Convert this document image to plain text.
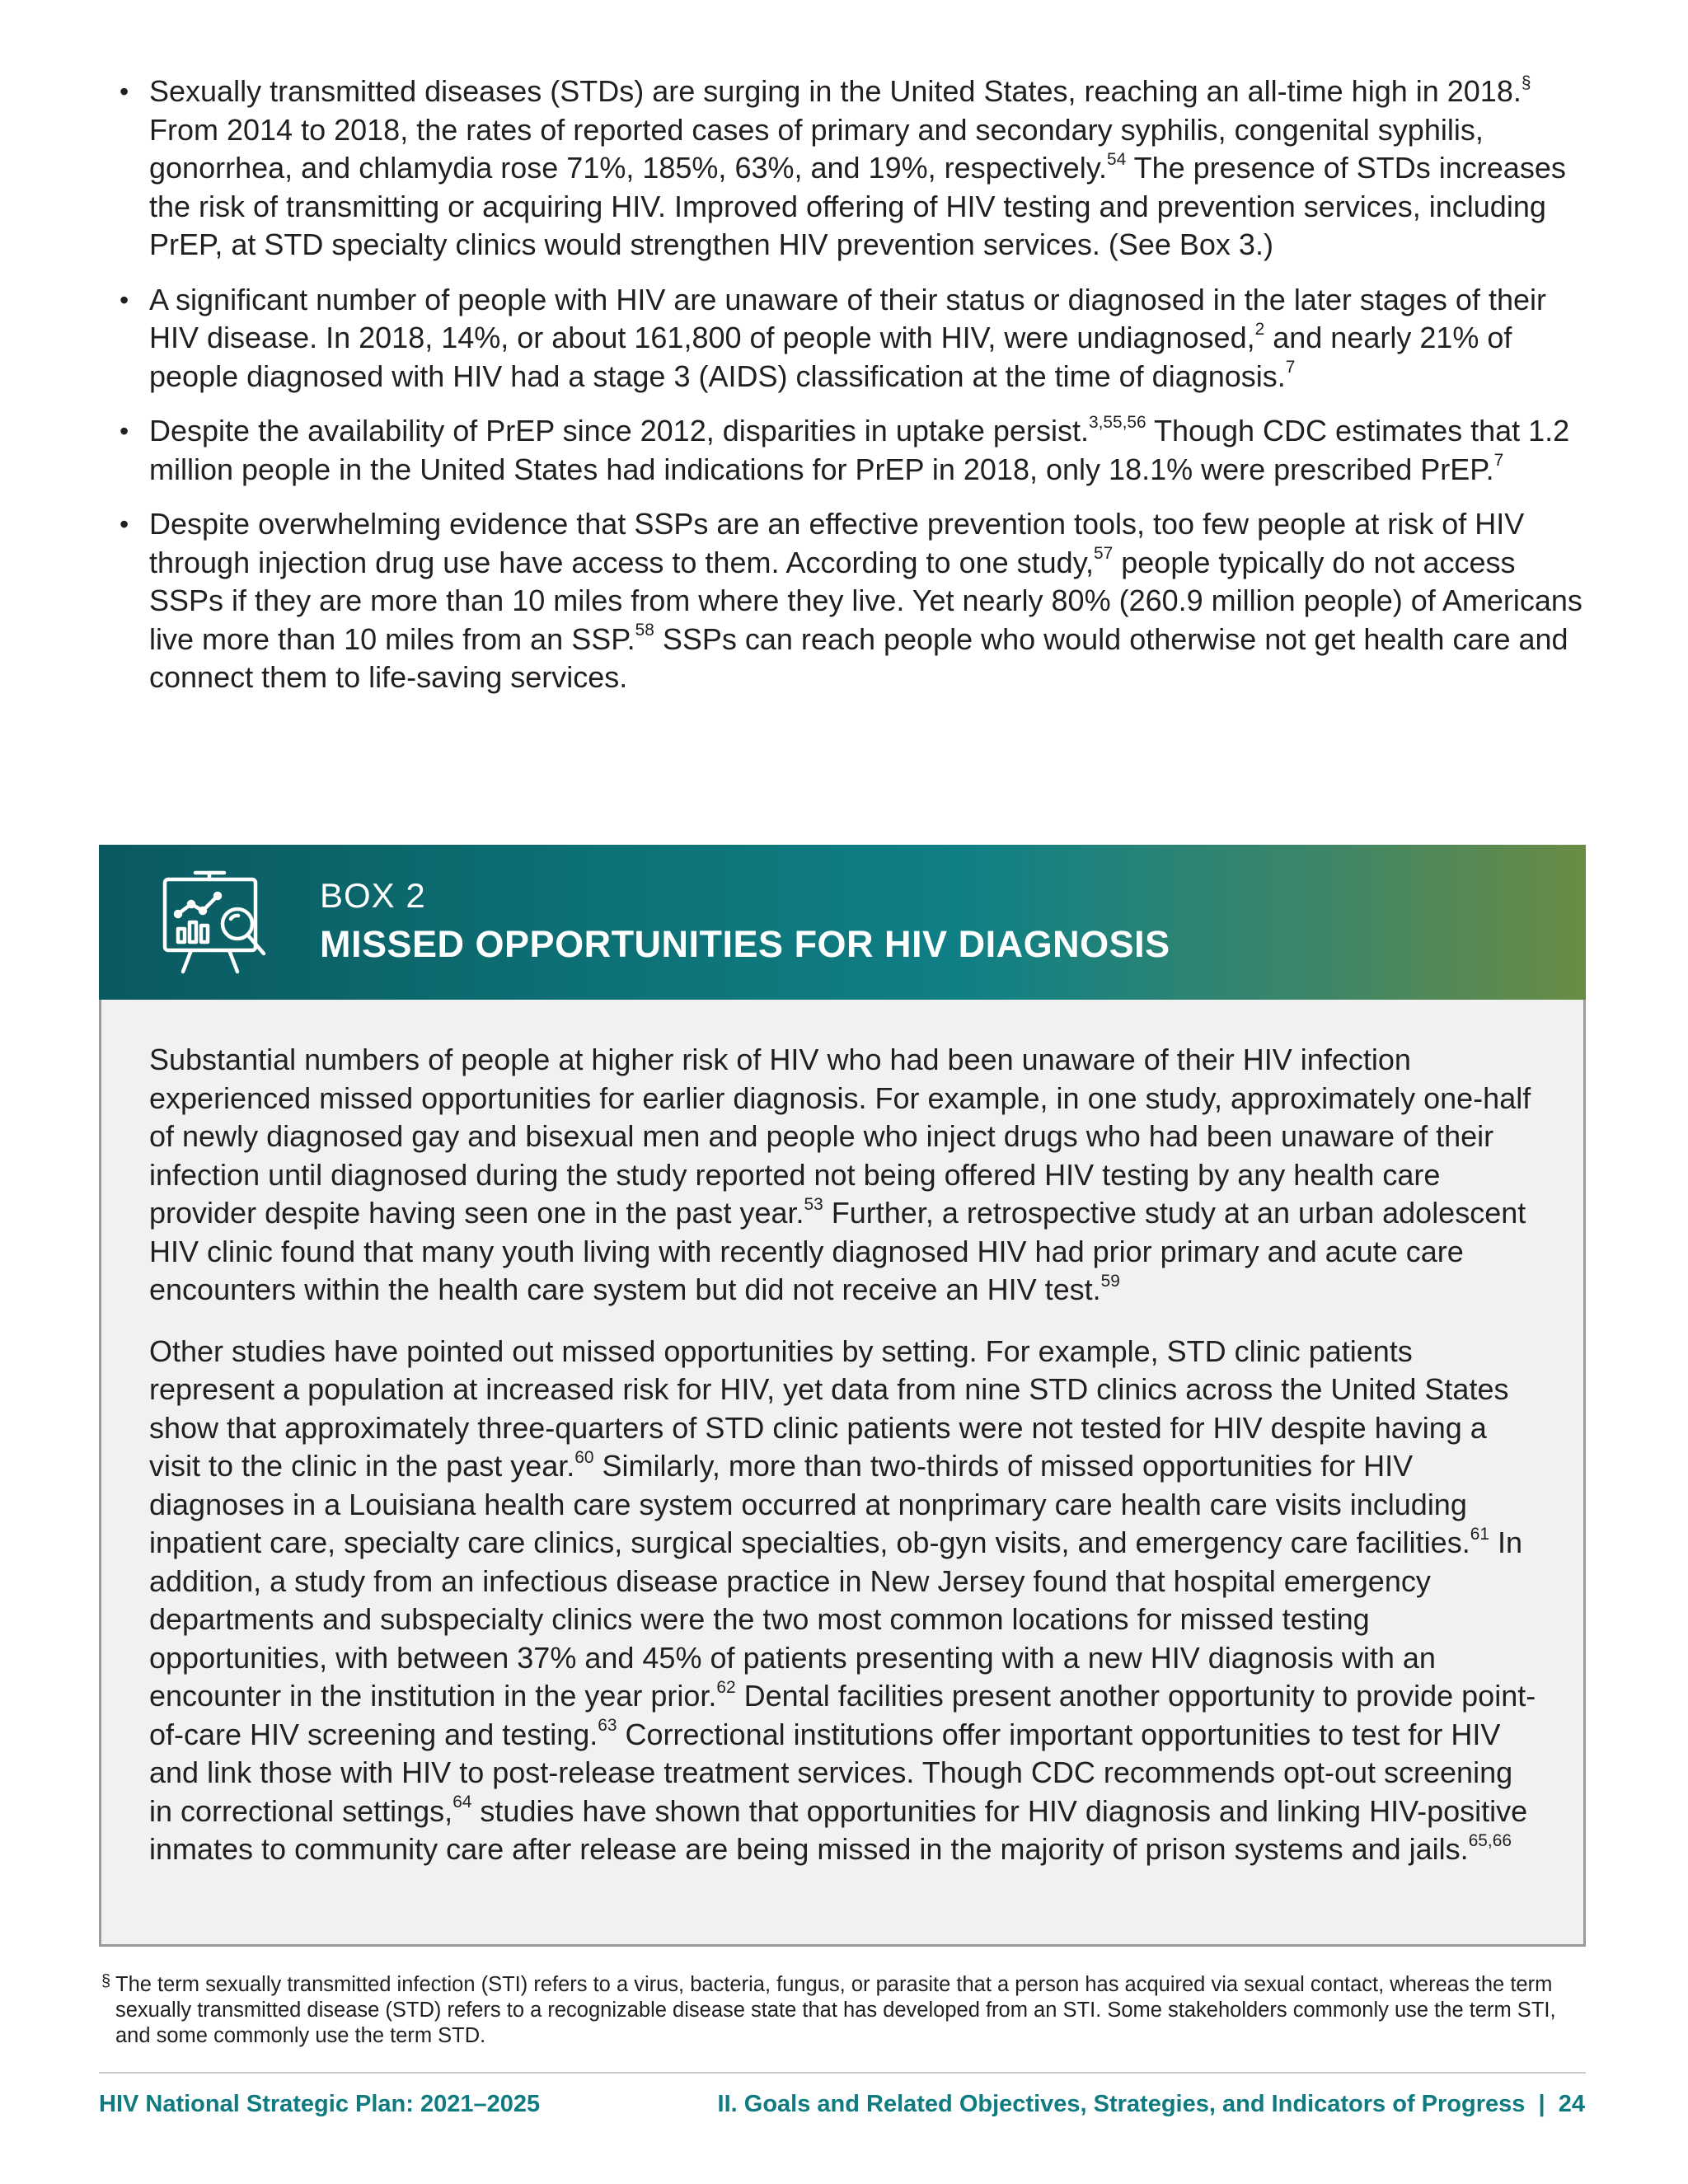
• Sexually transmitted diseases (STDs) are surging in the United States, reaching an all-time high in 2018.§ From 2014 to 2018, the rates of reported cases of primary and secondary syphilis, congenital syphilis, gonorrhea, and chlamydia rose 71%, 185%, 63%, and 19%, respectively.$^{54}$ The presence of STDs increases the risk of transmitting or acquiring HIV. Improved offering of HIV testing and prevention services, including PrEP, at STD specialty clinics would strengthen HIV prevention services. (See Box 3.)
• A significant number of people with HIV are unaware of their status or diagnosed in the later stages of their HIV disease. In 2018, 14%, or about 161,800 of people with HIV, were undiagnosed,$^2$ and nearly 21% of people diagnosed with HIV had a stage 3 (AIDS) classification at the time of diagnosis.$^7$
• Despite the availability of PrEP since 2012, disparities in uptake persist.$^{3,55,56}$ Though CDC estimates that 1.2 million people in the United States had indications for PrEP in 2018, only 18.1% were prescribed PrEP.$^7$
• Despite overwhelming evidence that SSPs are an effective prevention tools, too few people at risk of HIV through injection drug use have access to them. According to one study,$^{57}$ people typically do not access SSPs if they are more than 10 miles from where they live. Yet nearly 80% (260.9 million people) of Americans live more than 10 miles from an SSP.$^{58}$ SSPs can reach people who would otherwise not get health care and connect them to life-saving services.
BOX 2
MISSED OPPORTUNITIES FOR HIV DIAGNOSIS

Substantial numbers of people at higher risk of HIV who had been unaware of their HIV infection experienced missed opportunities for earlier diagnosis. For example, in one study, approximately one-half of newly diagnosed gay and bisexual men and people who inject drugs who had been unaware of their infection until diagnosed during the study reported not being offered HIV testing by any health care provider despite having seen one in the past year.$^{53}$ Further, a retrospective study at an urban adolescent HIV clinic found that many youth living with recently diagnosed HIV had prior primary and acute care encounters within the health care system but did not receive an HIV test.$^{59}$

Other studies have pointed out missed opportunities by setting. For example, STD clinic patients represent a population at increased risk for HIV, yet data from nine STD clinics across the United States show that approximately three-quarters of STD clinic patients were not tested for HIV despite having a visit to the clinic in the past year.$^{60}$ Similarly, more than two-thirds of missed opportunities for HIV diagnoses in a Louisiana health care system occurred at nonprimary care health care visits including inpatient care, specialty care clinics, surgical specialties, ob-gyn visits, and emergency care facilities.$^{61}$ In addition, a study from an infectious disease practice in New Jersey found that hospital emergency departments and subspecialty clinics were the two most common locations for missed testing opportunities, with between 37% and 45% of patients presenting with a new HIV diagnosis with an encounter in the institution in the year prior.$^{62}$ Dental facilities present another opportunity to provide point-of-care HIV screening and testing.$^{63}$ Correctional institutions offer important opportunities to test for HIV and link those with HIV to post-release treatment services. Though CDC recommends opt-out screening in correctional settings,$^{64}$ studies have shown that opportunities for HIV diagnosis and linking HIV-positive inmates to community care after release are being missed in the majority of prison systems and jails.$^{65,66}$

§ The term sexually transmitted infection (STI) refers to a virus, bacteria, fungus, or parasite that a person has acquired via sexual contact, whereas the term sexually transmitted disease (STD) refers to a recognizable disease state that has developed from an STI. Some stakeholders commonly use the term STI, and some commonly use the term STD.
HIV National Strategic Plan: 2021–2025	II. Goals and Related Objectives, Strategies, and Indicators of Progress  |  24
